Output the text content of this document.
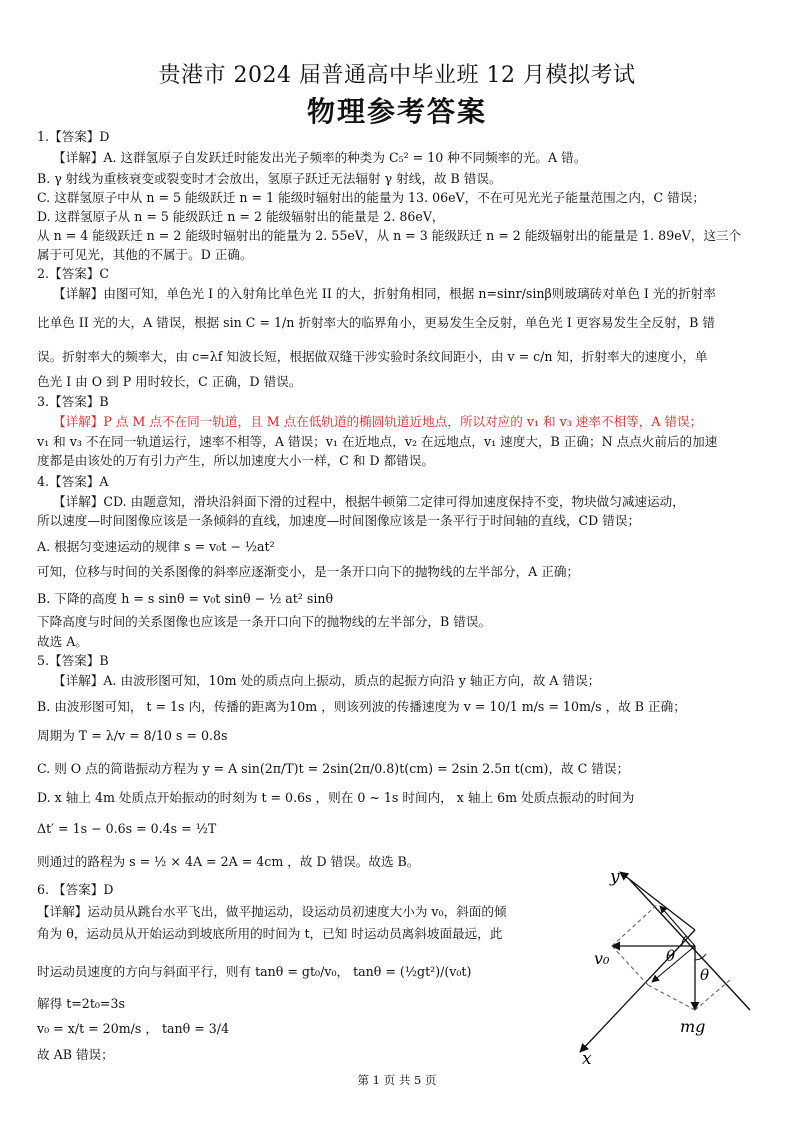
贵港市 2024 届普通高中毕业班 12 月模拟考试
物理参考答案
1.【答案】D
【详解】A. 这群氢原子自发跃迁时能发出光子频率的种类为 C₅² = 10 种不同频率的光。A 错。
B. γ 射线为重核衰变或裂变时才会放出，氢原子跃迁无法辐射 γ 射线，故 B 错误。
C. 这群氢原子中从 n = 5 能级跃迁 n = 1 能级时辐射出的能量为 13. 06eV，不在可见光光子能量范围之内，C 错误；
D. 这群氢原子从 n = 5 能级跃迁 n = 2 能级辐射出的能量是 2. 86eV，
从 n = 4 能级跃迁 n = 2 能级时辐射出的能量为 2. 55eV，从 n = 3 能级跃迁 n = 2 能级辐射出的能量是 1. 89eV，这三个
属于可见光，其他的不属于。D 正确。
2.【答案】C
【详解】由图可知，单色光 I 的入射角比单色光 II 的大，折射角相同，根据 n=sinr/sinβ则玻璃砖对单色 I 光的折射率
比单色 II 光的大，A 错误，根据 sin C = 1/n 折射率大的临界角小，更易发生全反射，单色光 I 更容易发生全反射，B 错
误。折射率大的频率大，由 c=λf 知波长短，根据做双缝干涉实验时条纹间距小，由 v = c/n 知，折射率大的速度小，单
色光 I 由 O 到 P 用时较长，C 正确，D 错误。
3.【答案】B
【详解】P 点 M 点不在同一轨道，且 M 点在低轨道的椭圆轨道近地点，所以对应的 v₁ 和 v₃ 速率不相等，A 错误；
v₁ 和 v₃ 不在同一轨道运行，速率不相等，A 错误；v₁ 在近地点，v₂ 在远地点，v₁ 速度大，B 正确；N 点点火前后的加速
度都是由该处的万有引力产生，所以加速度大小一样，C 和 D 都错误。
4.【答案】A
【详解】CD. 由题意知，滑块沿斜面下滑的过程中，根据牛顿第二定律可得加速度保持不变，物块做匀减速运动，
所以速度—时间图像应该是一条倾斜的直线，加速度—时间图像应该是一条平行于时间轴的直线，CD 错误；
A. 根据匀变速运动的规律 s = v₀t − ½at²
可知，位移与时间的关系图像的斜率应逐渐变小，是一条开口向下的抛物线的左半部分，A 正确；
B. 下降的高度 h = s sinθ = v₀t sinθ − ½ at² sinθ
下降高度与时间的关系图像也应该是一条开口向下的抛物线的左半部分，B 错误。
故选 A。
5.【答案】B
【详解】A. 由波形图可知，10m 处的质点向上振动，质点的起振方向沿 y 轴正方向，故 A 错误；
B. 由波形图可知， t = 1s 内，传播的距离为10m ，则该列波的传播速度为 v = 10/1 m/s = 10m/s ，故 B 正确；
周期为 T = λ/v = 8/10 s = 0.8s
C. 则 O 点的简谐振动方程为 y = A sin(2π/T)t = 2sin(2π/0.8)t(cm) = 2sin 2.5π t(cm)，故 C 错误；
D. x 轴上 4m 处质点开始振动的时刻为 t = 0.6s ，则在 0 ~ 1s 时间内， x 轴上 6m 处质点振动的时间为
Δt′ = 1s − 0.6s = 0.4s = ½T
则通过的路程为 s = ½ × 4A = 2A = 4cm ，故 D 错误。故选 B。
6. 【答案】D
【详解】运动员从跳台水平飞出，做平抛运动，设运动员初速度大小为 v₀，斜面的倾
角为 θ，运动员从开始运动到坡底所用的时间为 t，已知 时运动员离斜坡面最远，此
时运动员速度的方向与斜面平行，则有 tanθ = gt₀/v₀， tanθ = (½gt²)/(v₀t)
解得 t=2t₀=3s
v₀ = x/t = 20m/s ， tanθ = 3/4
故 AB 错误；
y
x
v₀	θ
θ
mg
第 1 页 共 5 页
